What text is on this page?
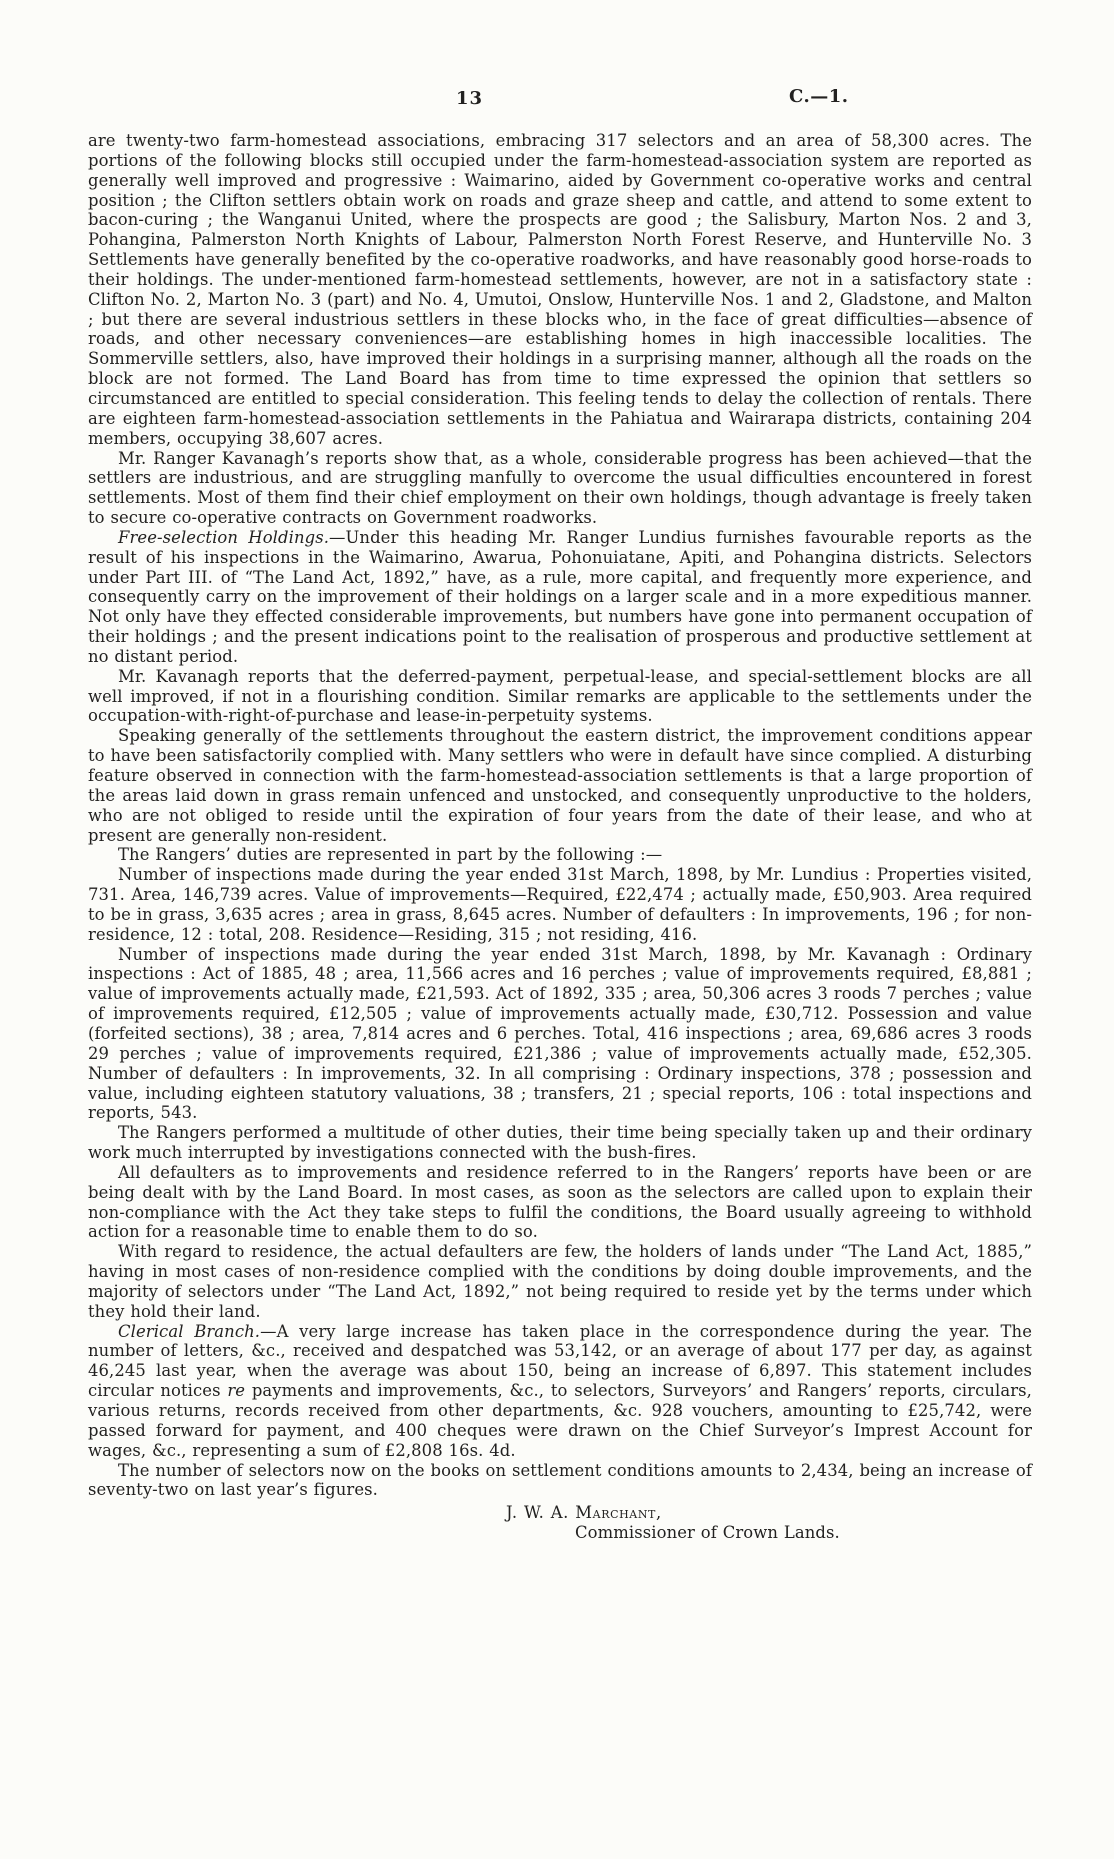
13	C.—1.

are twenty-two farm-homestead associations, embracing 317 selectors and an area of 58,300 acres. The portions of the following blocks still occupied under the farm-homestead-association system are reported as generally well improved and progressive : Waimarino, aided by Government co-operative works and central position ; the Clifton settlers obtain work on roads and graze sheep and cattle, and attend to some extent to bacon-curing ; the Wanganui United, where the prospects are good ; the Salisbury, Marton Nos. 2 and 3, Pohangina, Palmerston North Knights of Labour, Palmerston North Forest Reserve, and Hunterville No. 3 Settlements have generally benefited by the co-operative roadworks, and have reasonably good horse-roads to their holdings. The under-mentioned farm-homestead settlements, however, are not in a satisfactory state : Clifton No. 2, Marton No. 3 (part) and No. 4, Umutoi, Onslow, Hunterville Nos. 1 and 2, Gladstone, and Malton ; but there are several industrious settlers in these blocks who, in the face of great difficulties—absence of roads, and other necessary conveniences—are establishing homes in high inaccessible localities. The Sommerville settlers, also, have improved their holdings in a surprising manner, although all the roads on the block are not formed. The Land Board has from time to time expressed the opinion that settlers so circumstanced are entitled to special consideration. This feeling tends to delay the collection of rentals. There are eighteen farm-homestead-association settlements in the Pahiatua and Wairarapa districts, containing 204 members, occupying 38,607 acres.

Mr. Ranger Kavanagh’s reports show that, as a whole, considerable progress has been achieved—that the settlers are industrious, and are struggling manfully to overcome the usual difficulties encountered in forest settlements. Most of them find their chief employment on their own holdings, though advantage is freely taken to secure co-operative contracts on Government roadworks.

Free-selection Holdings.—Under this heading Mr. Ranger Lundius furnishes favourable reports as the result of his inspections in the Waimarino, Awarua, Pohonuiatane, Apiti, and Pohangina districts. Selectors under Part III. of “The Land Act, 1892,” have, as a rule, more capital, and frequently more experience, and consequently carry on the improvement of their holdings on a larger scale and in a more expeditious manner. Not only have they effected considerable improvements, but numbers have gone into permanent occupation of their holdings ; and the present indications point to the realisation of prosperous and productive settlement at no distant period.

Mr. Kavanagh reports that the deferred-payment, perpetual-lease, and special-settlement blocks are all well improved, if not in a flourishing condition. Similar remarks are applicable to the settlements under the occupation-with-right-of-purchase and lease-in-perpetuity systems.

Speaking generally of the settlements throughout the eastern district, the improvement conditions appear to have been satisfactorily complied with. Many settlers who were in default have since complied. A disturbing feature observed in connection with the farm-homestead-association settlements is that a large proportion of the areas laid down in grass remain unfenced and unstocked, and consequently unproductive to the holders, who are not obliged to reside until the expiration of four years from the date of their lease, and who at present are generally non-resident.

The Rangers’ duties are represented in part by the following :—

Number of inspections made during the year ended 31st March, 1898, by Mr. Lundius : Properties visited, 731. Area, 146,739 acres. Value of improvements—Required, £22,474 ; actually made, £50,903. Area required to be in grass, 3,635 acres ; area in grass, 8,645 acres. Number of defaulters : In improvements, 196 ; for non-residence, 12 : total, 208. Residence—Residing, 315 ; not residing, 416.

Number of inspections made during the year ended 31st March, 1898, by Mr. Kavanagh : Ordinary inspections : Act of 1885, 48 ; area, 11,566 acres and 16 perches ; value of improvements required, £8,881 ; value of improvements actually made, £21,593. Act of 1892, 335 ; area, 50,306 acres 3 roods 7 perches ; value of improvements required, £12,505 ; value of improvements actually made, £30,712. Possession and value (forfeited sections), 38 ; area, 7,814 acres and 6 perches. Total, 416 inspections ; area, 69,686 acres 3 roods 29 perches ; value of improvements required, £21,386 ; value of improvements actually made, £52,305. Number of defaulters : In improvements, 32. In all comprising : Ordinary inspections, 378 ; possession and value, including eighteen statutory valuations, 38 ; transfers, 21 ; special reports, 106 : total inspections and reports, 543.

The Rangers performed a multitude of other duties, their time being specially taken up and their ordinary work much interrupted by investigations connected with the bush-fires.

All defaulters as to improvements and residence referred to in the Rangers’ reports have been or are being dealt with by the Land Board. In most cases, as soon as the selectors are called upon to explain their non-compliance with the Act they take steps to fulfil the conditions, the Board usually agreeing to withhold action for a reasonable time to enable them to do so.

With regard to residence, the actual defaulters are few, the holders of lands under “The Land Act, 1885,” having in most cases of non-residence complied with the conditions by doing double improvements, and the majority of selectors under “The Land Act, 1892,” not being required to reside yet by the terms under which they hold their land.

Clerical Branch.—A very large increase has taken place in the correspondence during the year. The number of letters, &c., received and despatched was 53,142, or an average of about 177 per day, as against 46,245 last year, when the average was about 150, being an increase of 6,897. This statement includes circular notices re payments and improvements, &c., to selectors, Surveyors’ and Rangers’ reports, circulars, various returns, records received from other departments, &c. 928 vouchers, amounting to £25,742, were passed forward for payment, and 400 cheques were drawn on the Chief Surveyor’s Imprest Account for wages, &c., representing a sum of £2,808 16s. 4d.

The number of selectors now on the books on settlement conditions amounts to 2,434, being an increase of seventy-two on last year’s figures.

J. W. A. Marchant,
Commissioner of Crown Lands.
